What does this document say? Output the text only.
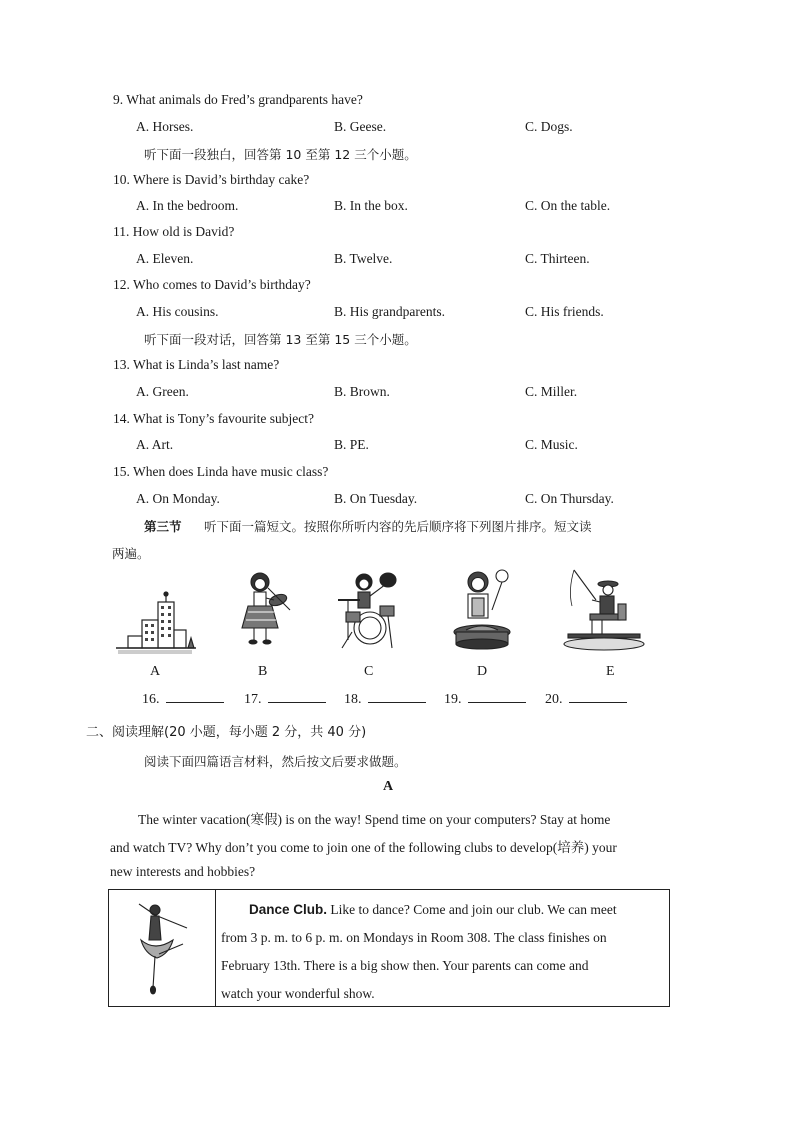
9. What animals do Fred’s grandparents have?
A. Horses.	B. Geese.	C. Dogs.
听下面一段独白，回答第 10 至第 12 三个小题。
10. Where is David’s birthday cake?
A. In the bedroom.	B. In the box.	C. On the table.
11. How old is David?
A. Eleven.	B. Twelve.	C. Thirteen.
12. Who comes to David’s birthday?
A. His cousins.	B. His grandparents.	C. His friends.
听下面一段对话，回答第 13 至第 15 三个小题。
13. What is Linda’s last name?
A. Green.	B. Brown.	C. Miller.
14. What is Tony’s favourite subject?
A. Art.	B. PE.	C. Music.
15. When does Linda have music class?
A. On Monday.	B. On Tuesday.	C. On Thursday.
第三节 听下面一篇短文。按照你所听内容的先后顺序将下列图片排序。短文读
两遍。
A	B	C	D	E
16.	17.	18.	19.	20.
二、阅读理解(20 小题，每小题 2 分，共 40 分)
阅读下面四篇语言材料，然后按文后要求做题。
A
The winter vacation(寒假) is on the way! Spend time on your computers? Stay at home
and watch TV? Why don’t you come to join one of the following clubs to develop(培养) your
new interests and hobbies?
Dance Club. Like to dance? Come and join our club. We can meet
from 3 p. m. to 6 p. m. on Mondays in Room 308. The class finishes on
February 13th. There is a big show then. Your parents can come and
watch your wonderful show.
